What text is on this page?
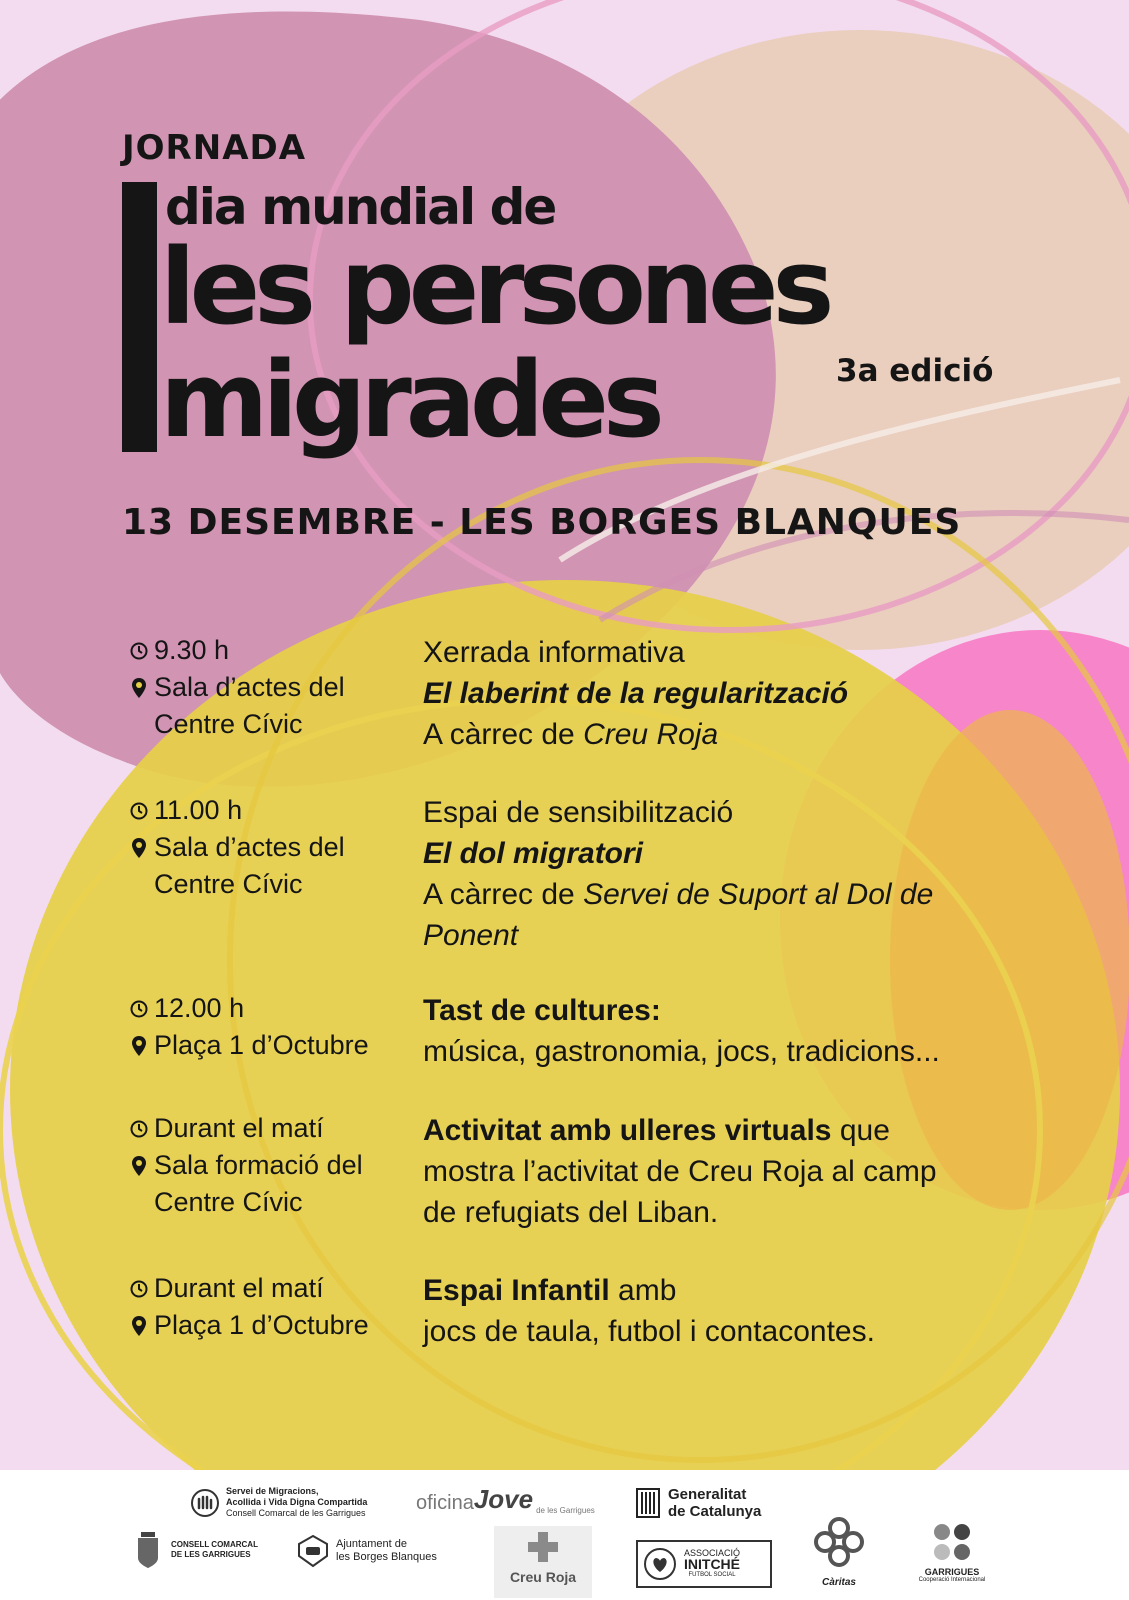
JORNADA
dia mundial de
les persones
migrades	3a edició
13 DESEMBRE - LES BORGES BLANQUES
9.30 h
Sala d’actes del
Centre Cívic
Xerrada informativa
El laberint de la regularització
A càrrec de Creu Roja
11.00 h
Sala d’actes del
Centre Cívic
Espai de sensibilització
El dol migratori
A càrrec de Servei de Suport al Dol de
Ponent
12.00 h
Plaça 1 d’Octubre
Tast de cultures:
música, gastronomia, jocs, tradicions...
Durant el matí
Sala formació del
Centre Cívic
Activitat amb ulleres virtuals que
mostra l’activitat de Creu Roja al camp
de refugiats del Liban.
Durant el matí
Plaça 1 d’Octubre
Espai Infantil amb
jocs de taula, futbol i contacontes.
Servei de Migracions,
Acollida i Vida Digna Compartida
Consell Comarcal de les Garrigues	oficina Jove de les Garrigues
Generalitat
de Catalunya
CONSELL COMARCAL
DE LES GARRIGUES
Ajuntament de
les Borges Blanques
Creu Roja
ASSOCIACIÓ
INITCHÉ
FUTBOL SOCIAL
Càritas
GARRIGUES
Cooperació Internacional
